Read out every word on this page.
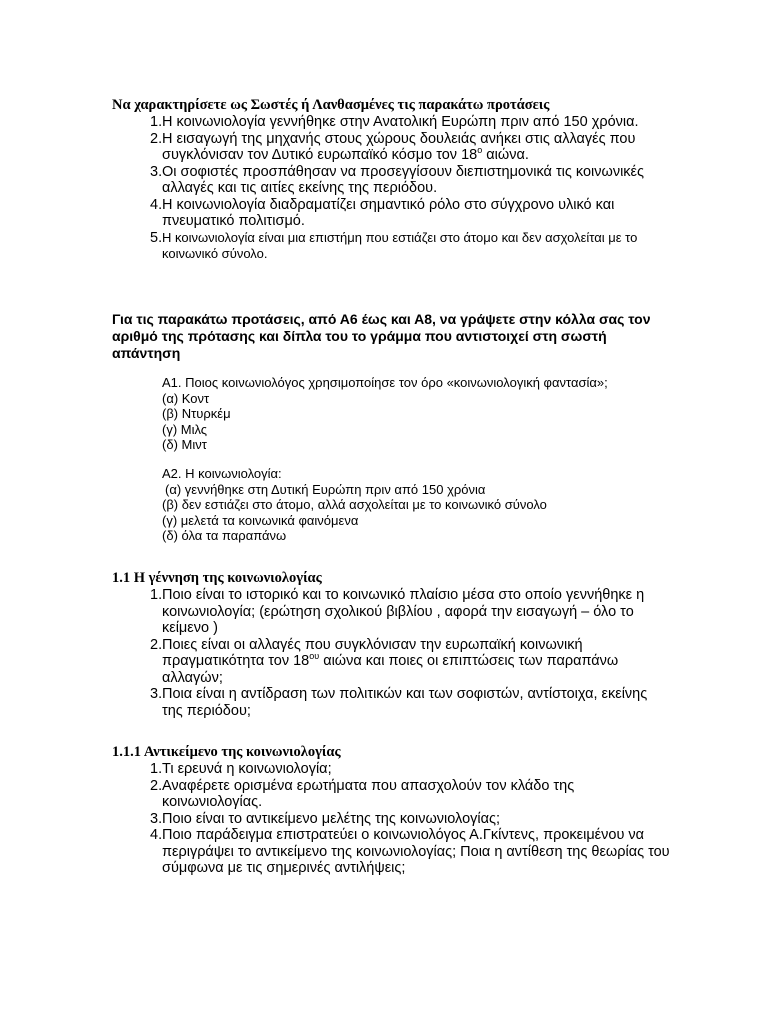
Να χαρακτηρίσετε ως Σωστές ή Λανθασμένες τις παρακάτω προτάσεις
1 . Η κοινωνιολογία γεννήθηκε στην Ανατολική Ευρώπη πριν από 150 χρόνια.
2 . Η εισαγωγή της μηχανής στους χώρους δουλειάς ανήκει στις αλλαγές που συγκλόνισαν τον Δυτικό ευρωπαϊκό κόσμο τον $18^o$ αιώνα.
3 . Οι σοφιστές προσπάθησαν να προσεγγίσουν διεπιστημονικά τις κοινωνικές αλλαγές και τις αιτίες εκείνης της περιόδου.
4 . Η κοινωνιολογία διαδραματίζει σημαντικό ρόλο στο σύγχρονο υλικό και πνευματικό πολιτισμό.
5 . Η κοινωνιολογία είναι μια επιστήμη που εστιάζει στο άτομο και δεν ασχολείται με το κοινωνικό σύνολο.
Για τις παρακάτω προτάσεις, από Α6 έως και Α8, να γράψετε στην κόλλα σας τον αριθμό της πρότασης και δίπλα του το γράμμα που αντιστοιχεί στη σωστή απάντηση
Α1. Ποιος κοινωνιολόγος χρησιμοποίησε τον όρο «κοινωνιολογική φαντασία»;
(α) Κοντ
(β) Ντυρκέμ
(γ) Μιλς
(δ) Μιντ
Α2. Η κοινωνιολογία:
(α) γεννήθηκε στη Δυτική Ευρώπη πριν από 150 χρόνια
(β) δεν εστιάζει στο άτομο, αλλά ασχολείται με το κοινωνικό σύνολο
(γ) μελετά τα κοινωνικά φαινόμενα
(δ) όλα τα παραπάνω
1.1 Η γέννηση της κοινωνιολογίας
1 . Ποιο είναι το ιστορικό και το κοινωνικό πλαίσιο μέσα στο οποίο γεννήθηκε η κοινωνιολογία; (ερώτηση σχολικού βιβλίου , αφορά την εισαγωγή – όλο το κείμενο )
2 . Ποιες είναι οι αλλαγές που συγκλόνισαν την ευρωπαϊκή κοινωνική πραγματικότητα τον $18^{o\upsilon}$ αιώνα και ποιες οι επιπτώσεις των παραπάνω αλλαγών;
3 . Ποια είναι η αντίδραση των πολιτικών και των σοφιστών, αντίστοιχα, εκείνης της περιόδου;
1.1.1 Αντικείμενο της κοινωνιολογίας
1 . Τι ερευνά η κοινωνιολογία;
2 . Αναφέρετε ορισμένα ερωτήματα που απασχολούν τον κλάδο της κοινωνιολογίας.
3 . Ποιο είναι το αντικείμενο μελέτης της κοινωνιολογίας;
4 . Ποιο παράδειγμα επιστρατεύει ο κοινωνιολόγος Α.Γκίντενς, προκειμένου να περιγράψει το αντικείμενο της κοινωνιολογίας; Ποια η αντίθεση της θεωρίας του σύμφωνα με τις σημερινές αντιλήψεις;
